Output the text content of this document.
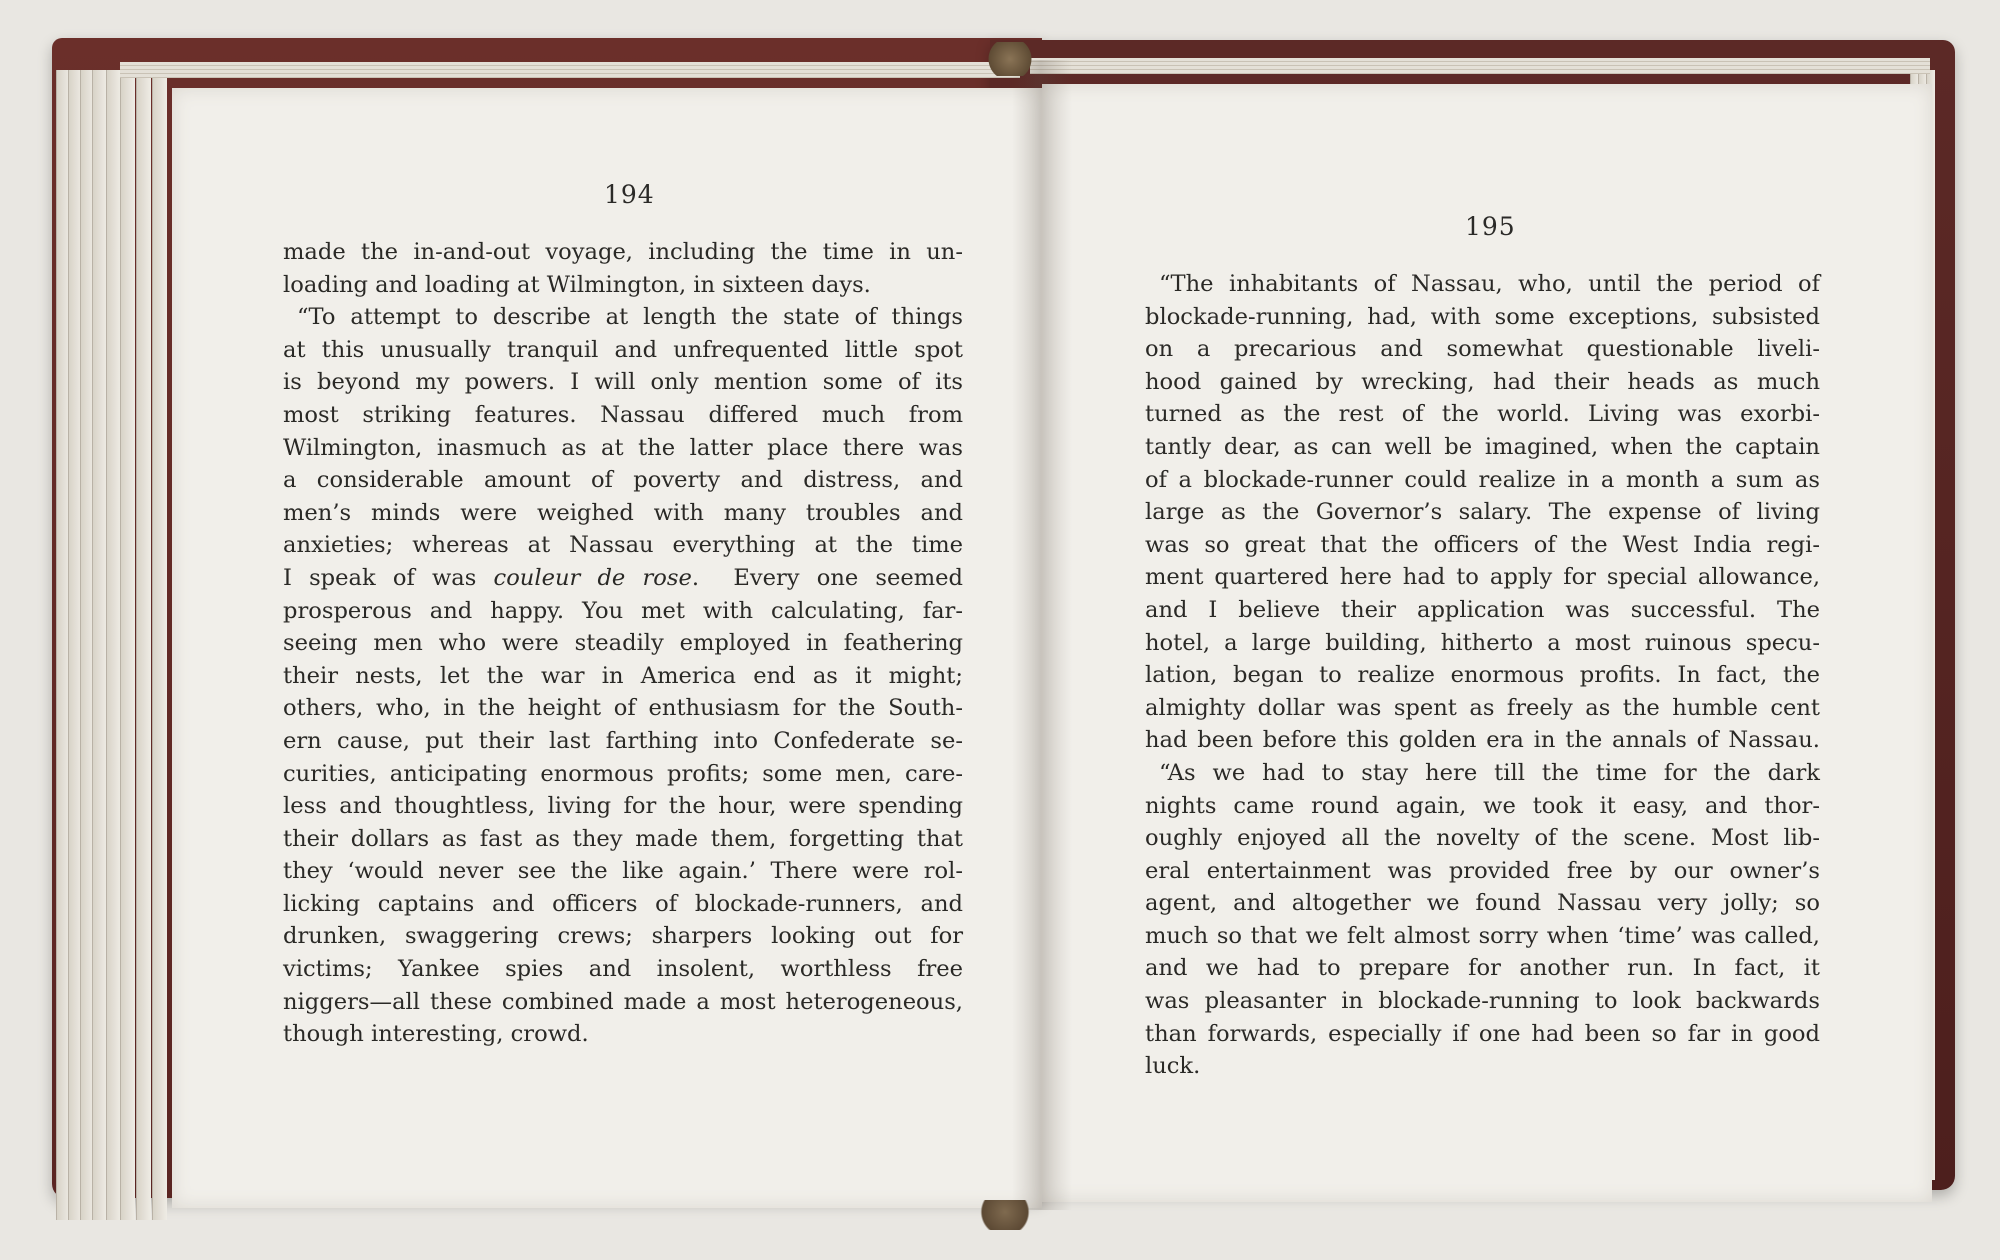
194
made the in-and-out voyage, including the time in un-
loading and loading at Wilmington, in sixteen days.
“To attempt to describe at length the state of things
at this unusually tranquil and unfrequented little spot
is beyond my powers. I will only mention some of its
most striking features. Nassau differed much from
Wilmington, inasmuch as at the latter place there was
a considerable amount of poverty and distress, and
men’s minds were weighed with many troubles and
anxieties; whereas at Nassau everything at the time
I speak of was couleur de rose.  Every one seemed
prosperous and happy. You met with calculating, far-
seeing men who were steadily employed in feathering
their nests, let the war in America end as it might;
others, who, in the height of enthusiasm for the South-
ern cause, put their last farthing into Confederate se-
curities, anticipating enormous profits; some men, care-
less and thoughtless, living for the hour, were spending
their dollars as fast as they made them, forgetting that
they ‘would never see the like again.’ There were rol-
licking captains and officers of blockade-runners, and
drunken, swaggering crews; sharpers looking out for
victims; Yankee spies and insolent, worthless free
niggers—all these combined made a most heterogeneous,
though interesting, crowd.
195
“The inhabitants of Nassau, who, until the period of
blockade-running, had, with some exceptions, subsisted
on a precarious and somewhat questionable liveli-
hood gained by wrecking, had their heads as much
turned as the rest of the world. Living was exorbi-
tantly dear, as can well be imagined, when the captain
of a blockade-runner could realize in a month a sum as
large as the Governor’s salary. The expense of living
was so great that the officers of the West India regi-
ment quartered here had to apply for special allowance,
and I believe their application was successful. The
hotel, a large building, hitherto a most ruinous specu-
lation, began to realize enormous profits. In fact, the
almighty dollar was spent as freely as the humble cent
had been before this golden era in the annals of Nassau.
“As we had to stay here till the time for the dark
nights came round again, we took it easy, and thor-
oughly enjoyed all the novelty of the scene. Most lib-
eral entertainment was provided free by our owner’s
agent, and altogether we found Nassau very jolly; so
much so that we felt almost sorry when ‘time’ was called,
and we had to prepare for another run. In fact, it
was pleasanter in blockade-running to look backwards
than forwards, especially if one had been so far in good
luck.
